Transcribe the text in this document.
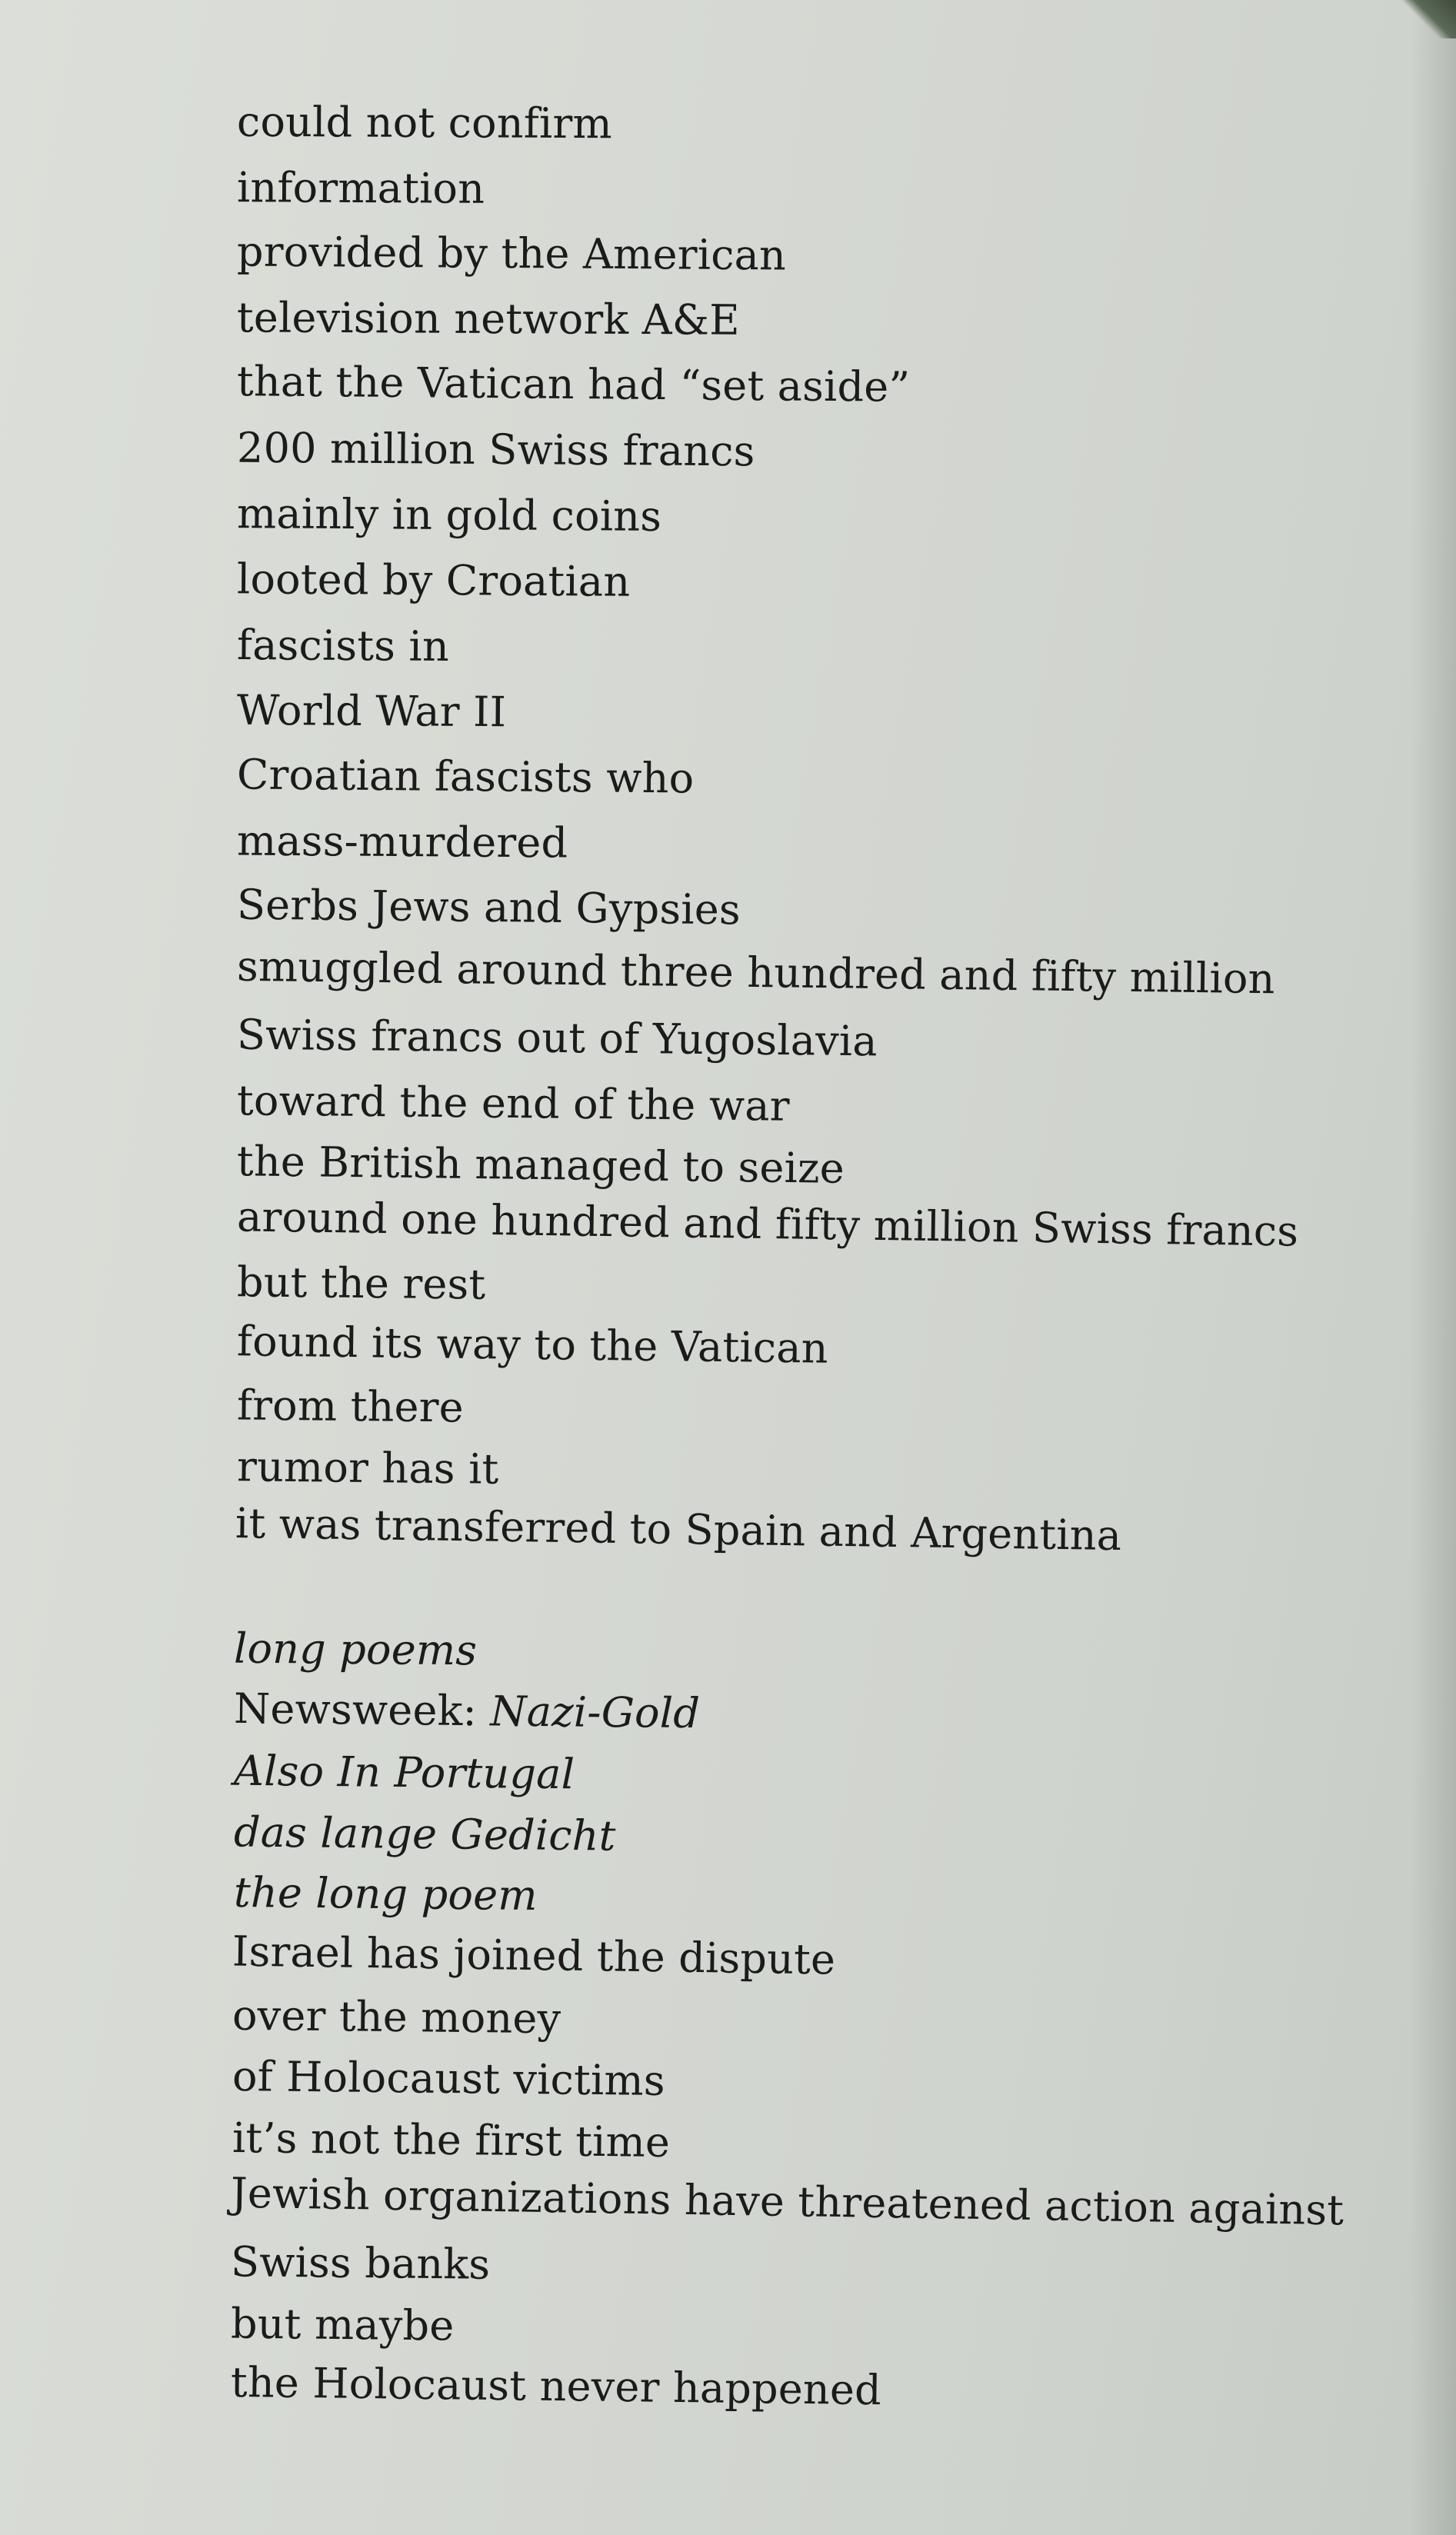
could not confirm
information
provided by the American
television network A&E
that the Vatican had “set aside”
200 million Swiss francs
mainly in gold coins
looted by Croatian
fascists in
World War II
Croatian fascists who
mass-murdered
Serbs Jews and Gypsies
smuggled around three hundred and fifty million
Swiss francs out of Yugoslavia
toward the end of the war
the British managed to seize
around one hundred and fifty million Swiss francs
but the rest
found its way to the Vatican
from there
rumor has it
it was transferred to Spain and Argentina
long poems
Newsweek: Nazi-Gold
Also In Portugal
das lange Gedicht
the long poem
Israel has joined the dispute
over the money
of Holocaust victims
it’s not the first time
Jewish organizations have threatened action against
Swiss banks
but maybe
the Holocaust never happened
